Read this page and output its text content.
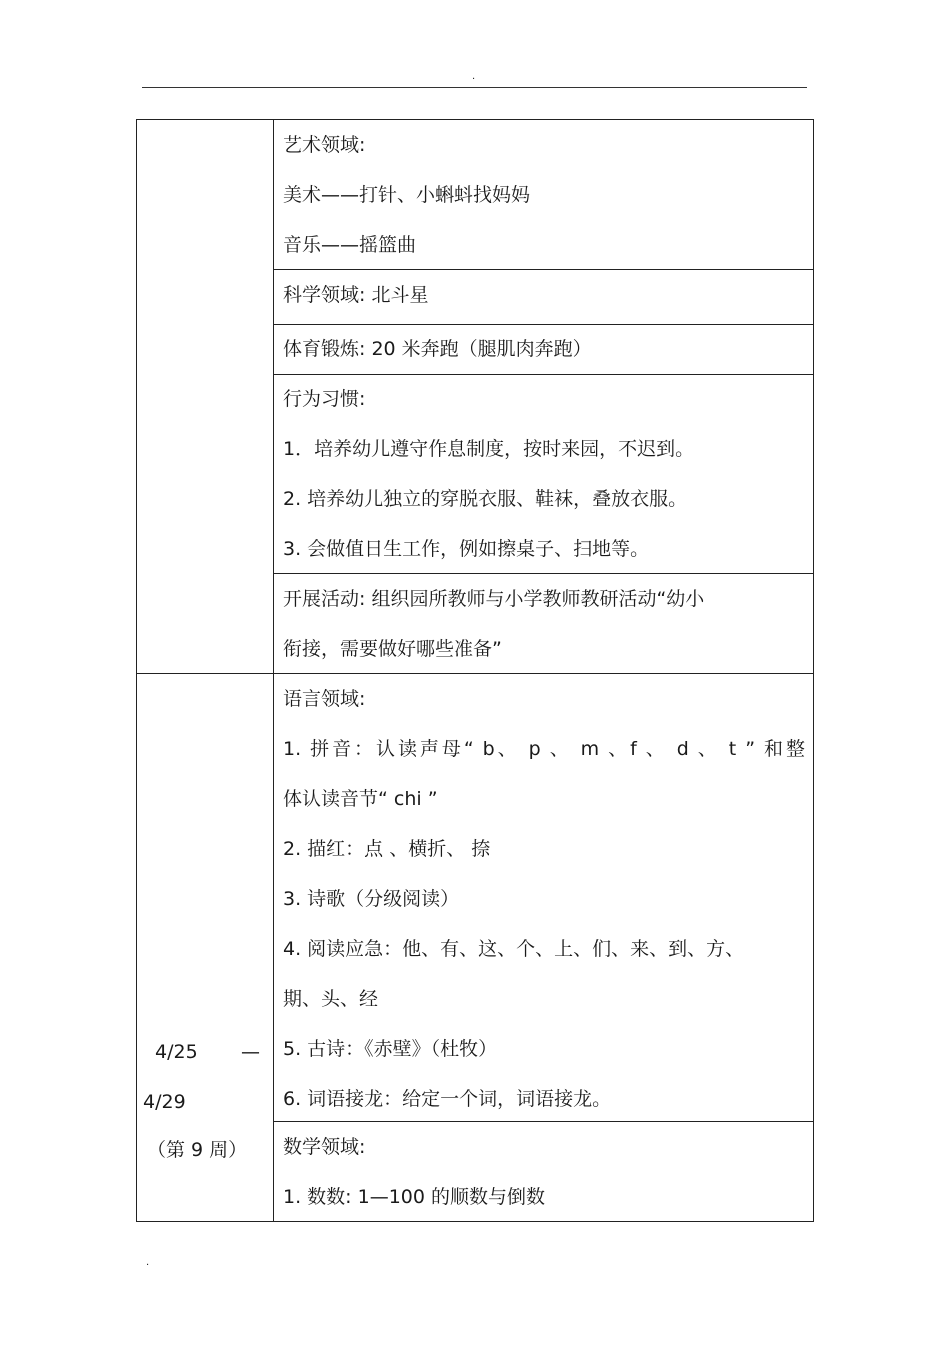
.
艺术领域:
美术——打针、小蝌蚪找妈妈
音乐——摇篮曲
科学领域: 北斗星
体育锻炼: 20 米奔跑（腿肌肉奔跑）
行为习惯:
1．培养幼儿遵守作息制度，按时来园，不迟到。
2. 培养幼儿独立的穿脱衣服、鞋袜，叠放衣服。
3. 会做值日生工作，例如擦桌子、扫地等。
开展活动: 组织园所教师与小学教师教研活动“幼小
衔接，需要做好哪些准备”
语言领域:
1. 拼音：认读声母“ b、 p 、 m 、f 、 d 、 t ” 和整
体认读音节“ chi ”
2. 描红：点 、横折、 捺
3. 诗歌（分级阅读）
4. 阅读应急：他、有、这、个、上、们、来、到、方、
期、头、经
5. 古诗：《赤壁》（杜牧）
6. 词语接龙：给定一个词，词语接龙。
数学领域:
1. 数数: 1—100 的顺数与倒数
4/25 —
4/29
（第 9 周）
.
